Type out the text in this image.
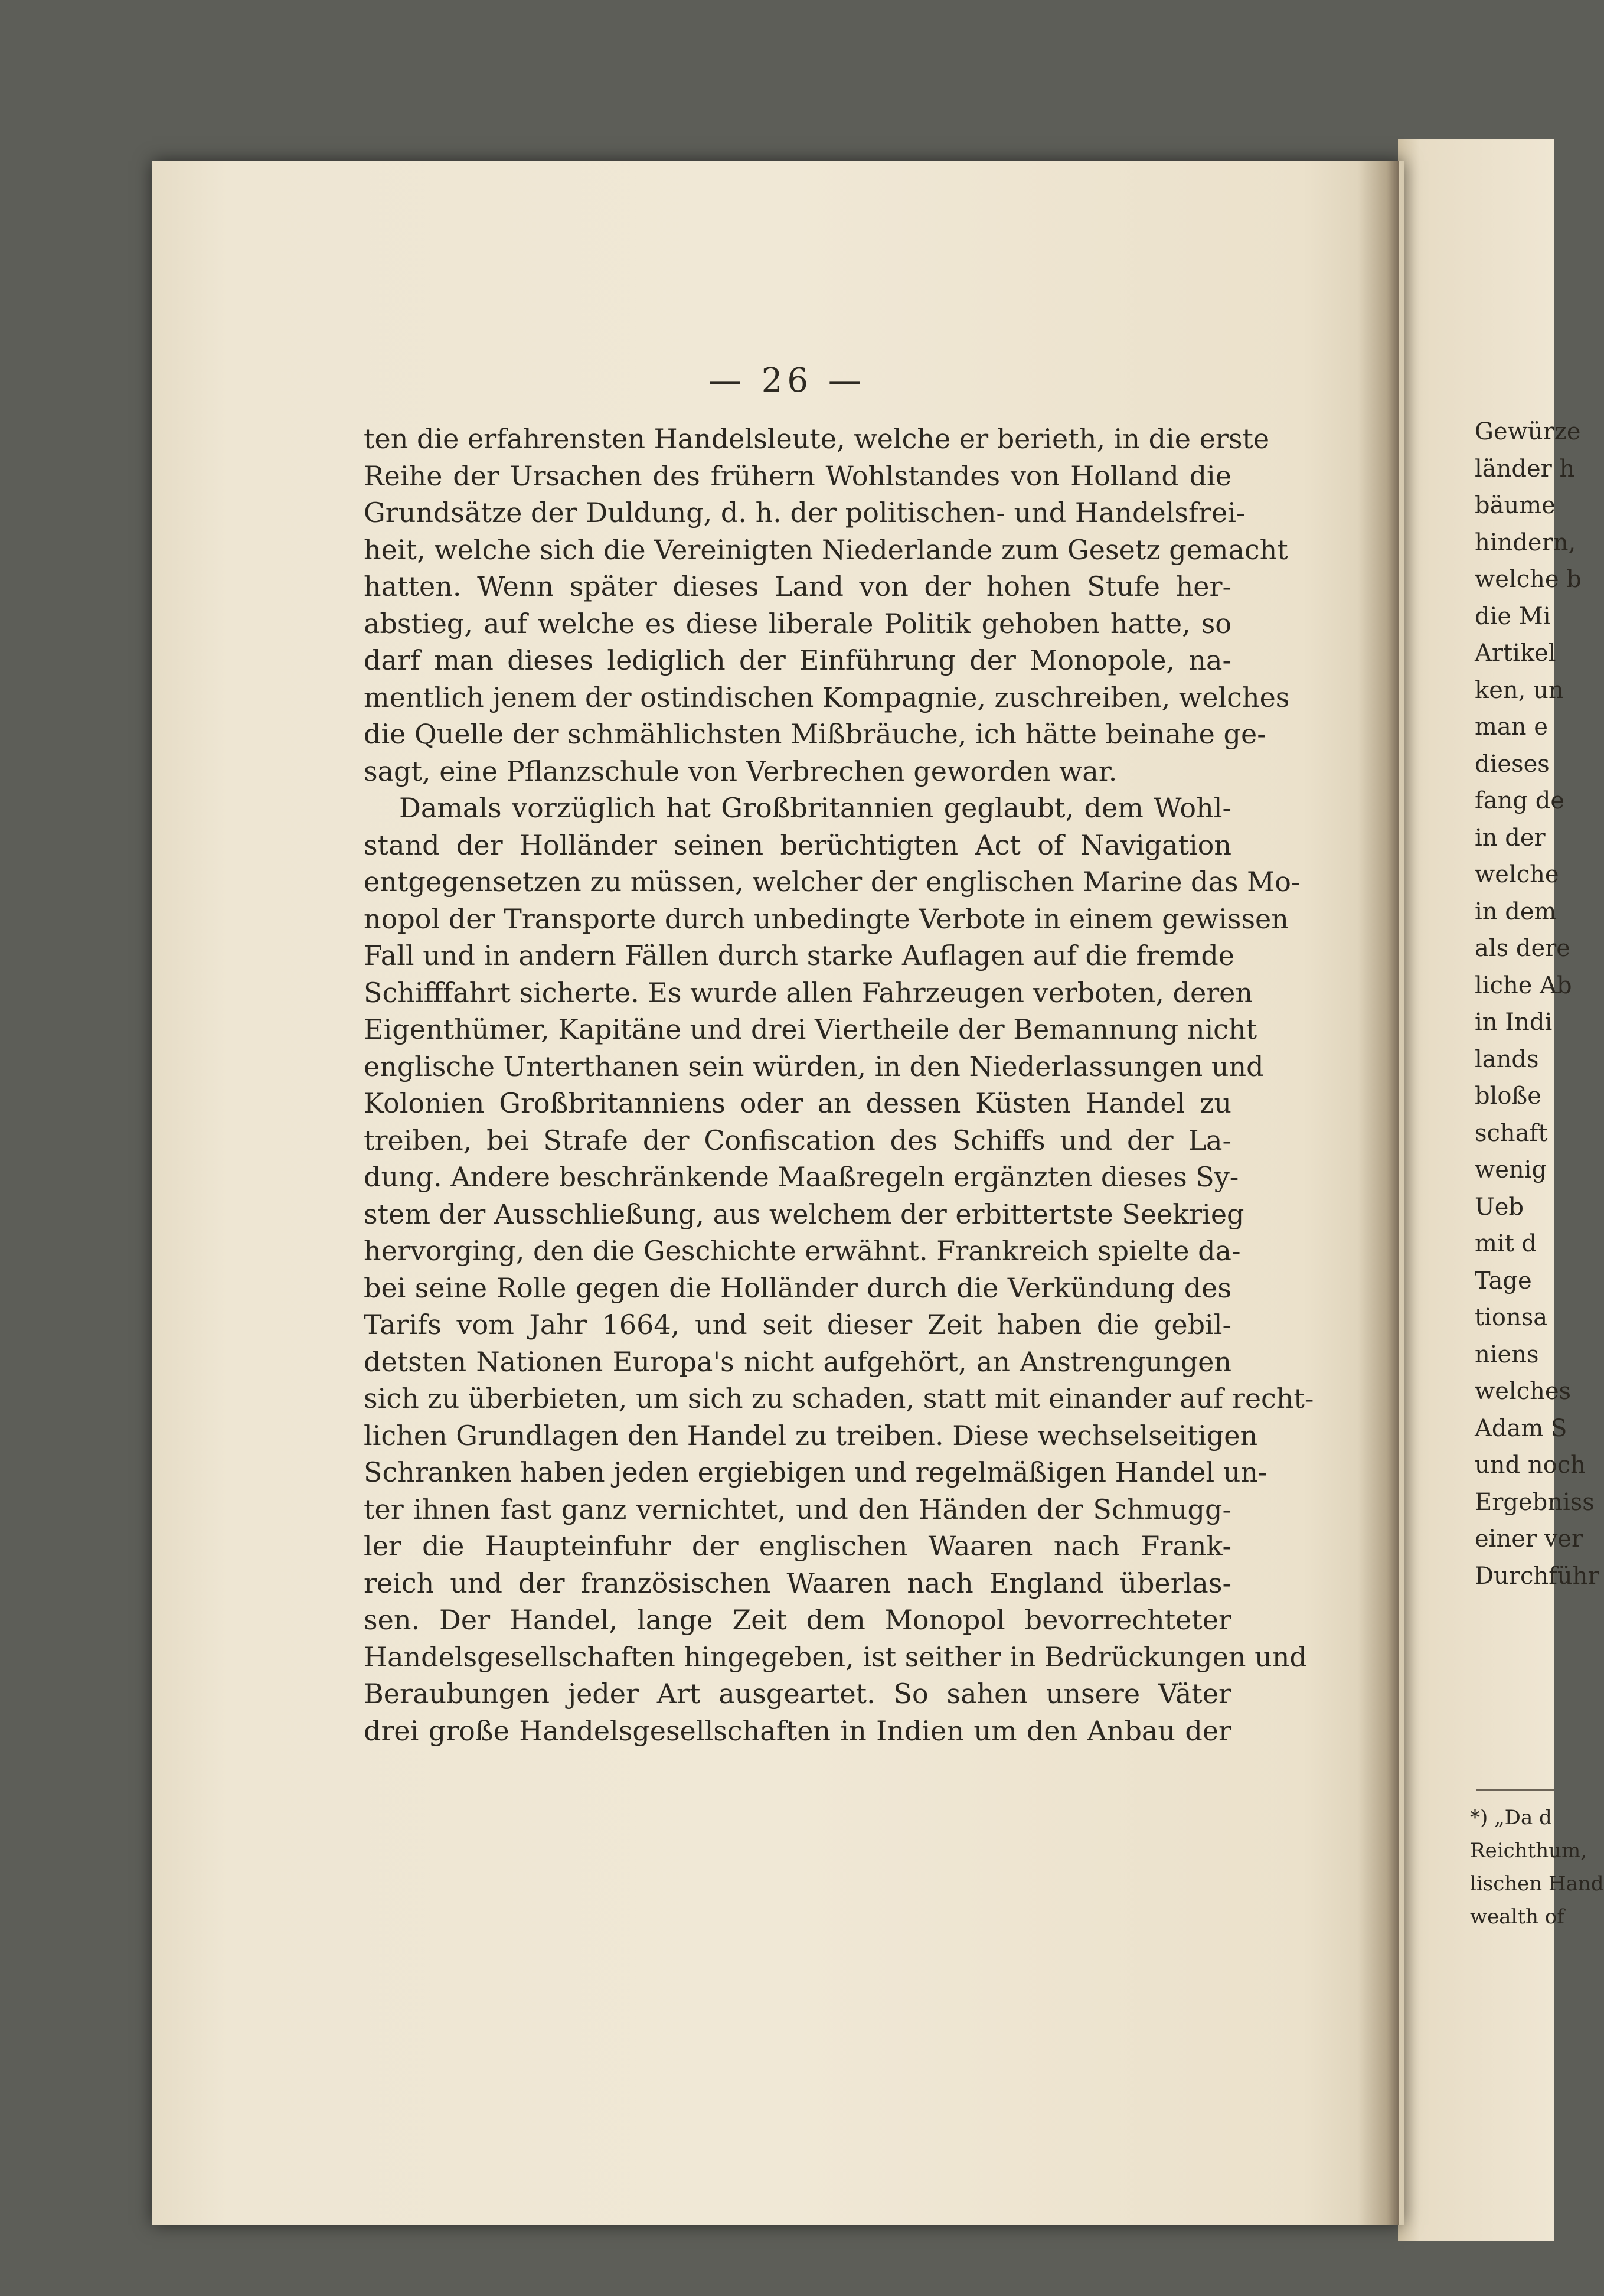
— 26 —
ten die erfahrensten Handelsleute, welche er berieth, in die erste
Reihe der Ursachen des frühern Wohlstandes von Holland die
Grundsätze der Duldung, d. h. der politischen- und Handelsfrei-
heit, welche sich die Vereinigten Niederlande zum Gesetz gemacht
hatten. Wenn später dieses Land von der hohen Stufe her-
abstieg, auf welche es diese liberale Politik gehoben hatte, so
darf man dieses lediglich der Einführung der Monopole, na-
mentlich jenem der ostindischen Kompagnie, zuschreiben, welches
die Quelle der schmählichsten Mißbräuche, ich hätte beinahe ge-
sagt, eine Pflanzschule von Verbrechen geworden war.
Damals vorzüglich hat Großbritannien geglaubt, dem Wohl-
stand der Holländer seinen berüchtigten Act of Navigation
entgegensetzen zu müssen, welcher der englischen Marine das Mo-
nopol der Transporte durch unbedingte Verbote in einem gewissen
Fall und in andern Fällen durch starke Auflagen auf die fremde
Schifffahrt sicherte. Es wurde allen Fahrzeugen verboten, deren
Eigenthümer, Kapitäne und drei Viertheile der Bemannung nicht
englische Unterthanen sein würden, in den Niederlassungen und
Kolonien Großbritanniens oder an dessen Küsten Handel zu
treiben, bei Strafe der Confiscation des Schiffs und der La-
dung. Andere beschränkende Maaßregeln ergänzten dieses Sy-
stem der Ausschließung, aus welchem der erbittertste Seekrieg
hervorging, den die Geschichte erwähnt. Frankreich spielte da-
bei seine Rolle gegen die Holländer durch die Verkündung des
Tarifs vom Jahr 1664, und seit dieser Zeit haben die gebil-
detsten Nationen Europa's nicht aufgehört, an Anstrengungen
sich zu überbieten, um sich zu schaden, statt mit einander auf recht-
lichen Grundlagen den Handel zu treiben. Diese wechselseitigen
Schranken haben jeden ergiebigen und regelmäßigen Handel un-
ter ihnen fast ganz vernichtet, und den Händen der Schmugg-
ler die Haupteinfuhr der englischen Waaren nach Frank-
reich und der französischen Waaren nach England überlas-
sen. Der Handel, lange Zeit dem Monopol bevorrechteter
Handelsgesellschaften hingegeben, ist seither in Bedrückungen und
Beraubungen jeder Art ausgeartet. So sahen unsere Väter
drei große Handelsgesellschaften in Indien um den Anbau der
Gewürze
länder h
bäume
hindern,
welche b
die Mi
Artikel
ken, un
man e
dieses
fang de
in der
welche
in dem
als dere
liche Ab
in Indi
lands
bloße
schaft
wenig
Ueb
mit d
Tage
tionsa
niens
welches
Adam S
und noch
Ergebniss
einer ver
Durchführ
*) „Da d
Reichthum,
lischen Hand
wealth of
